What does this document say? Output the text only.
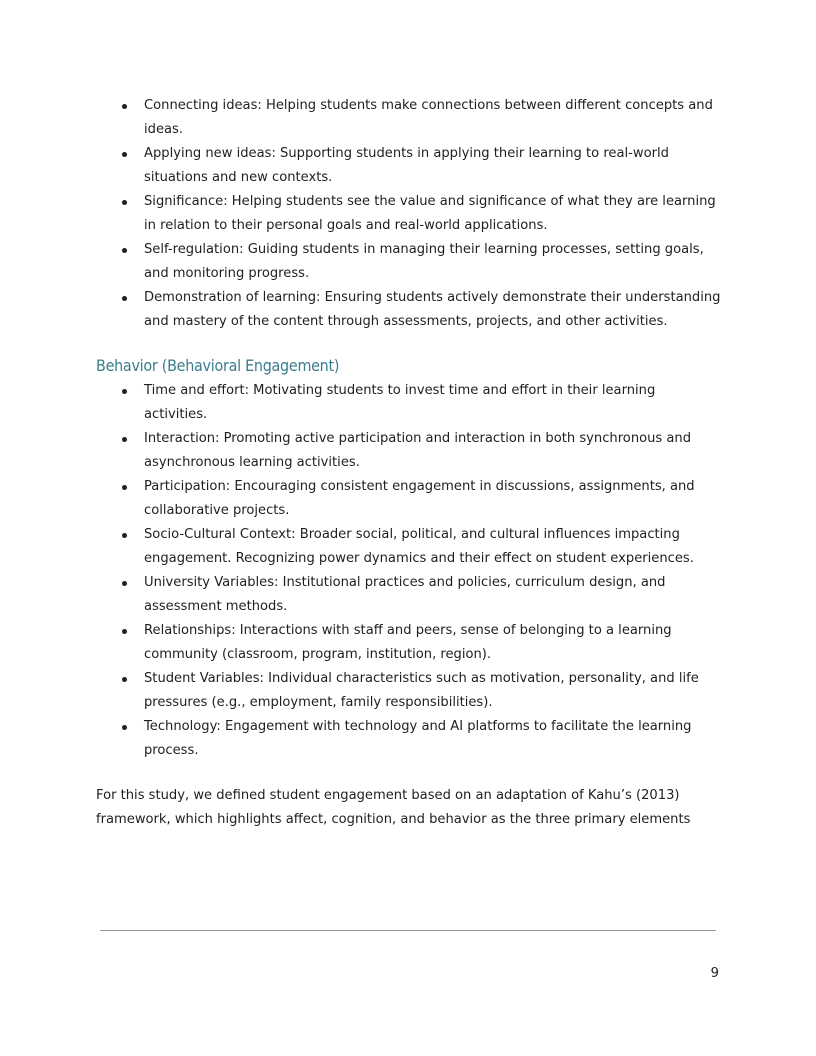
Connecting ideas: Helping students make connections between different concepts and ideas.
Applying new ideas: Supporting students in applying their learning to real-world situations and new contexts.
Significance: Helping students see the value and significance of what they are learning in relation to their personal goals and real-world applications.
Self-regulation: Guiding students in managing their learning processes, setting goals, and monitoring progress.
Demonstration of learning: Ensuring students actively demonstrate their understanding and mastery of the content through assessments, projects, and other activities.
Behavior (Behavioral Engagement)
Time and effort: Motivating students to invest time and effort in their learning activities.
Interaction: Promoting active participation and interaction in both synchronous and asynchronous learning activities.
Participation: Encouraging consistent engagement in discussions, assignments, and collaborative projects.
Socio-Cultural Context: Broader social, political, and cultural influences impacting engagement. Recognizing power dynamics and their effect on student experiences.
University Variables: Institutional practices and policies, curriculum design, and assessment methods.
Relationships: Interactions with staff and peers, sense of belonging to a learning community (classroom, program, institution, region).
Student Variables: Individual characteristics such as motivation, personality, and life pressures (e.g., employment, family responsibilities).
Technology: Engagement with technology and AI platforms to facilitate the learning process.

For this study, we defined student engagement based on an adaptation of Kahu’s (2013) framework, which highlights affect, cognition, and behavior as the three primary elements

9
